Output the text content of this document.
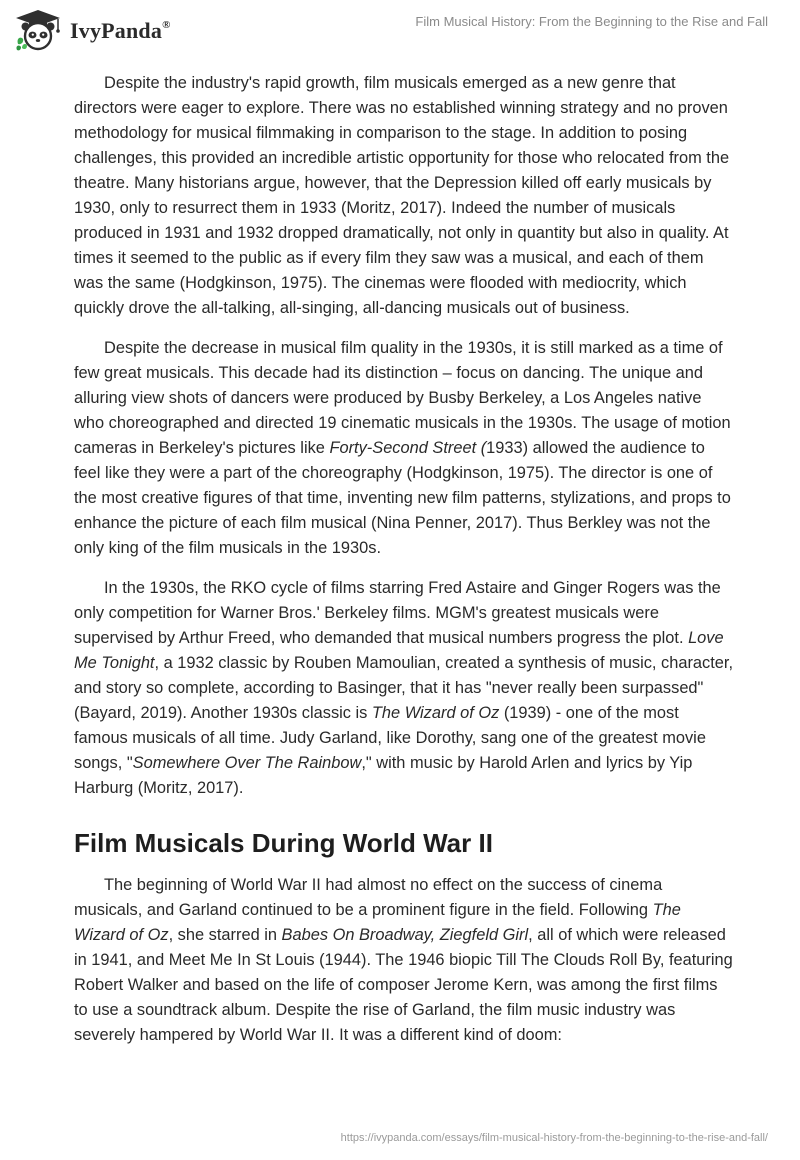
IvyPanda®	Film Musical History: From the Beginning to the Rise and Fall

Despite the industry's rapid growth, film musicals emerged as a new genre that directors were eager to explore. There was no established winning strategy and no proven methodology for musical filmmaking in comparison to the stage. In addition to posing challenges, this provided an incredible artistic opportunity for those who relocated from the theatre. Many historians argue, however, that the Depression killed off early musicals by 1930, only to resurrect them in 1933 (Moritz, 2017). Indeed the number of musicals produced in 1931 and 1932 dropped dramatically, not only in quantity but also in quality. At times it seemed to the public as if every film they saw was a musical, and each of them was the same (Hodgkinson, 1975). The cinemas were flooded with mediocrity, which quickly drove the all-talking, all-singing, all-dancing musicals out of business.

Despite the decrease in musical film quality in the 1930s, it is still marked as a time of few great musicals. This decade had its distinction – focus on dancing. The unique and alluring view shots of dancers were produced by Busby Berkeley, a Los Angeles native who choreographed and directed 19 cinematic musicals in the 1930s. The usage of motion cameras in Berkeley's pictures like Forty-Second Street (1933) allowed the audience to feel like they were a part of the choreography (Hodgkinson, 1975). The director is one of the most creative figures of that time, inventing new film patterns, stylizations, and props to enhance the picture of each film musical (Nina Penner, 2017). Thus Berkley was not the only king of the film musicals in the 1930s.

In the 1930s, the RKO cycle of films starring Fred Astaire and Ginger Rogers was the only competition for Warner Bros.' Berkeley films. MGM's greatest musicals were supervised by Arthur Freed, who demanded that musical numbers progress the plot. Love Me Tonight, a 1932 classic by Rouben Mamoulian, created a synthesis of music, character, and story so complete, according to Basinger, that it has "never really been surpassed" (Bayard, 2019). Another 1930s classic is The Wizard of Oz (1939) - one of the most famous musicals of all time. Judy Garland, like Dorothy, sang one of the greatest movie songs, "Somewhere Over The Rainbow," with music by Harold Arlen and lyrics by Yip Harburg (Moritz, 2017).

Film Musicals During World War II

The beginning of World War II had almost no effect on the success of cinema musicals, and Garland continued to be a prominent figure in the field. Following The Wizard of Oz, she starred in Babes On Broadway, Ziegfeld Girl, all of which were released in 1941, and Meet Me In St Louis (1944). The 1946 biopic Till The Clouds Roll By, featuring Robert Walker and based on the life of composer Jerome Kern, was among the first films to use a soundtrack album. Despite the rise of Garland, the film music industry was severely hampered by World War II. It was a different kind of doom:

https://ivypanda.com/essays/film-musical-history-from-the-beginning-to-the-rise-and-fall/
